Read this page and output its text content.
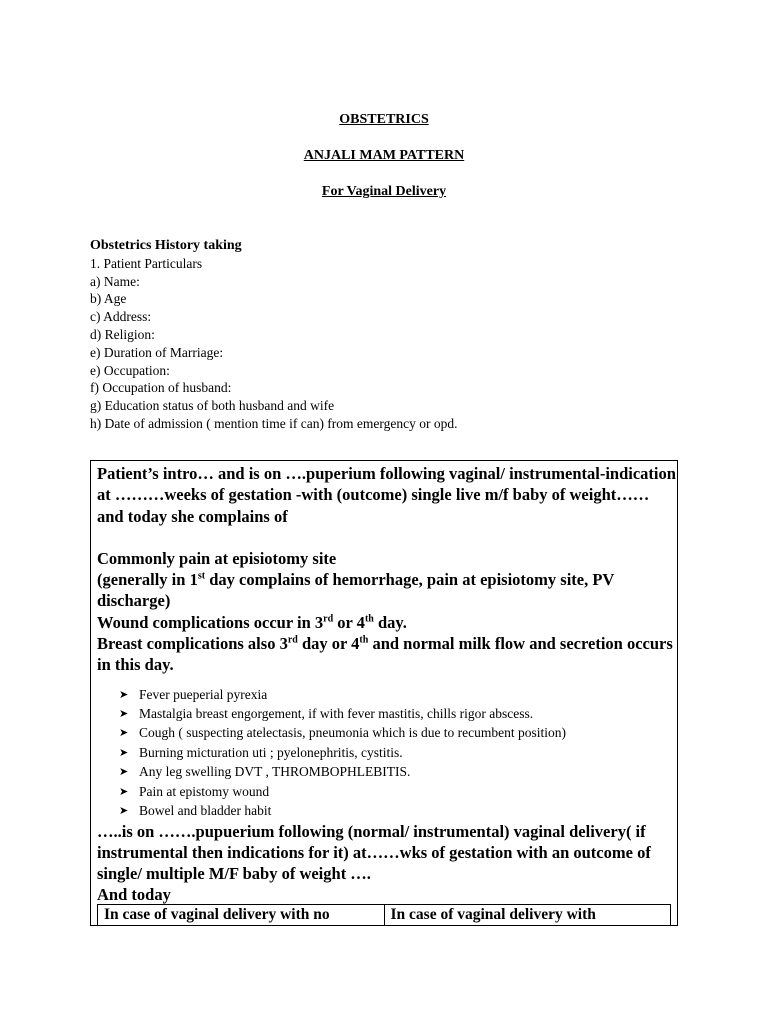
OBSTETRICS
ANJALI MAM PATTERN
For Vaginal Delivery
Obstetrics History taking
1. Patient Particulars
a) Name:
b) Age
c) Address:
d) Religion:
e) Duration of Marriage:
e) Occupation:
f) Occupation of husband:
g) Education status of both husband and wife
h) Date of admission ( mention time if can) from emergency or opd.

Patient’s intro… and is on ….puperium following vaginal/ instrumental-indication at ………weeks of gestation -with (outcome) single live m/f baby of weight…… and today she complains of

Commonly pain at episiotomy site

(generally in 1st day complains of hemorrhage, pain at episiotomy site, PV discharge)

Wound complications occur in 3rd or 4th day.

Breast complications also 3rd day or 4th and normal milk flow and secretion occurs in this day.

➤ Fever pueperial pyrexia
➤ Mastalgia breast engorgement, if with fever mastitis, chills rigor abscess.
➤ Cough ( suspecting atelectasis, pneumonia which is due to recumbent position)
➤ Burning micturation uti ; pyelonephritis, cystitis.
➤ Any leg swelling DVT , THROMBOPHLEBITIS.
➤ Pain at epistomy wound
➤ Bowel and bladder habit

…..is on …….pupuerium following (normal/ instrumental) vaginal delivery( if instrumental then indications for it) at……wks of gestation with an outcome of single/ multiple M/F baby of weight ….

And today

In case of vaginal delivery with no	In case of vaginal delivery with
